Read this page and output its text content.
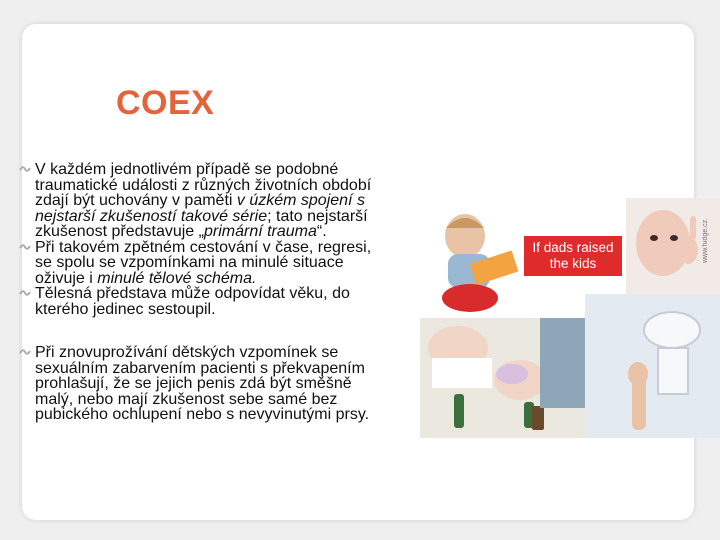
COEX
V každém jednotlivém případě se podobné traumatické události z různých životních období zdají být uchovány v paměti v úzkém spojení s nejstarší zkušeností takové série; tato nejstarší zkušenost představuje „primární trauma“.
Při takovém zpětném cestování v čase, regresi, se spolu se vzpomínkami na minulé situace oživuje i minulé tělové schéma.
Tělesná představa může odpovídat věku, do kterého jedinec sestoupil.
Při znovuprožívání dětských vzpomínek se sexuálním zabarvením pacienti s překvapením prohlašují, že se jejich penis zdá být směšně malý, nebo mají zkušenost sebe samé bez pubického ochlupení nebo s nevyvinutými prsy.
If dads raised the kids
www.fudge.cz
